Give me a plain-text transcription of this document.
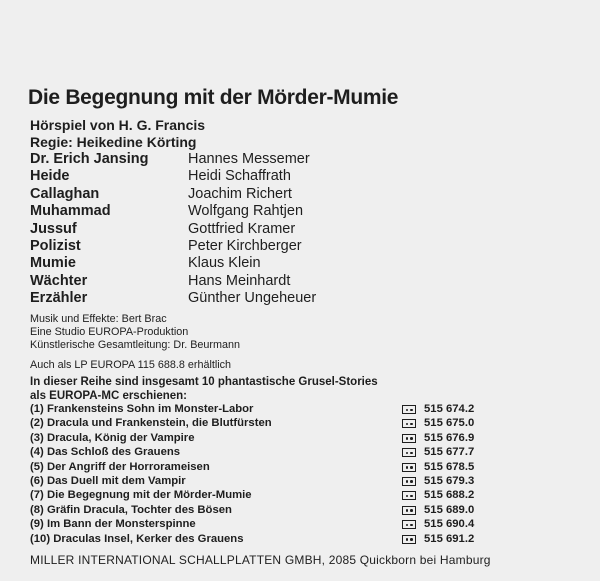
Die Begegnung mit der Mörder-Mumie
Hörspiel von H. G. Francis
Regie: Heikedine Körting
Dr. Erich Jansing	Hannes Messemer
Heide	Heidi Schaffrath
Callaghan	Joachim Richert
Muhammad	Wolfgang Rahtjen
Jussuf	Gottfried Kramer
Polizist	Peter Kirchberger
Mumie	Klaus Klein
Wächter	Hans Meinhardt
Erzähler	Günther Ungeheuer
Musik und Effekte: Bert Brac
Eine Studio EUROPA-Produktion
Künstlerische Gesamtleitung: Dr. Beurmann
Auch als LP EUROPA 115 688.8 erhältlich
In dieser Reihe sind insgesamt 10 phantastische Grusel-Stories
als EUROPA-MC erschienen:
(1) Frankensteins Sohn im Monster-Labor	515 674.2
(2) Dracula und Frankenstein, die Blutfürsten	515 675.0
(3) Dracula, König der Vampire	515 676.9
(4) Das Schloß des Grauens	515 677.7
(5) Der Angriff der Horrorameisen	515 678.5
(6) Das Duell mit dem Vampir	515 679.3
(7) Die Begegnung mit der Mörder-Mumie	515 688.2
(8) Gräfin Dracula, Tochter des Bösen	515 689.0
(9) Im Bann der Monsterspinne	515 690.4
(10) Draculas Insel, Kerker des Grauens	515 691.2
MILLER INTERNATIONAL SCHALLPLATTEN GMBH, 2085 Quickborn bei Hamburg
